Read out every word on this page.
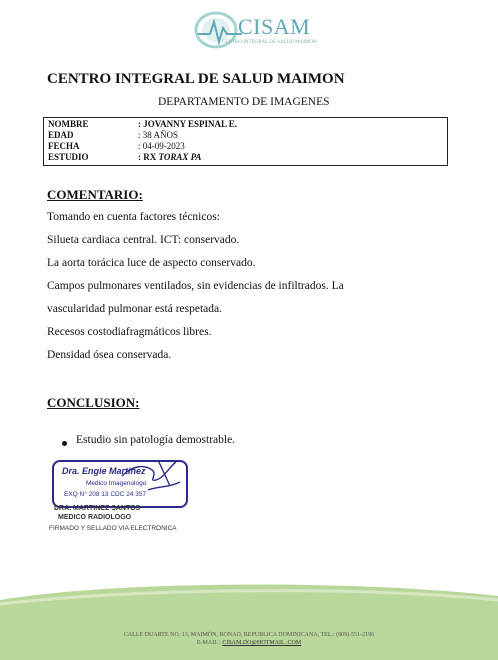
CISAM
CENTRO INTEGRAL DE SALUD MAIMON
CENTRO INTEGRAL DE SALUD MAIMON
DEPARTAMENTO DE IMAGENES
NOMBRE	: JOVANNY ESPINAL E.
EDAD	: 38 AÑOS
FECHA	: 04-09-2023
ESTUDIO	: RX TORAX PA
COMENTARIO:
Tomando en cuenta factores técnicos:
Silueta cardiaca central. ICT: conservado.
La aorta torácica luce de aspecto conservado.
Campos pulmonares ventilados, sin evidencias de infiltrados. La
vascularidad pulmonar está respetada.
Recesos costodiafragmáticos libres.
Densidad ósea conservada.
CONCLUSION:
Estudio sin patología demostrable.
Dra. Engie Martinez
Medico Imagenologo
EXQ N° 208 13 CDC 24 357
DRA. MARTINEZ SANTOS
MEDICO RADIOLOGO
FIRMADO Y SELLADO VIA ELECTRONICA
CALLE DUARTE NO. 13, MAIMÓN, BONAO, REPUBLICA DOMINICANA, TEL.: (809)-551-2196
E-MAIL : CISAM.DO@HOTMAIL .COM
